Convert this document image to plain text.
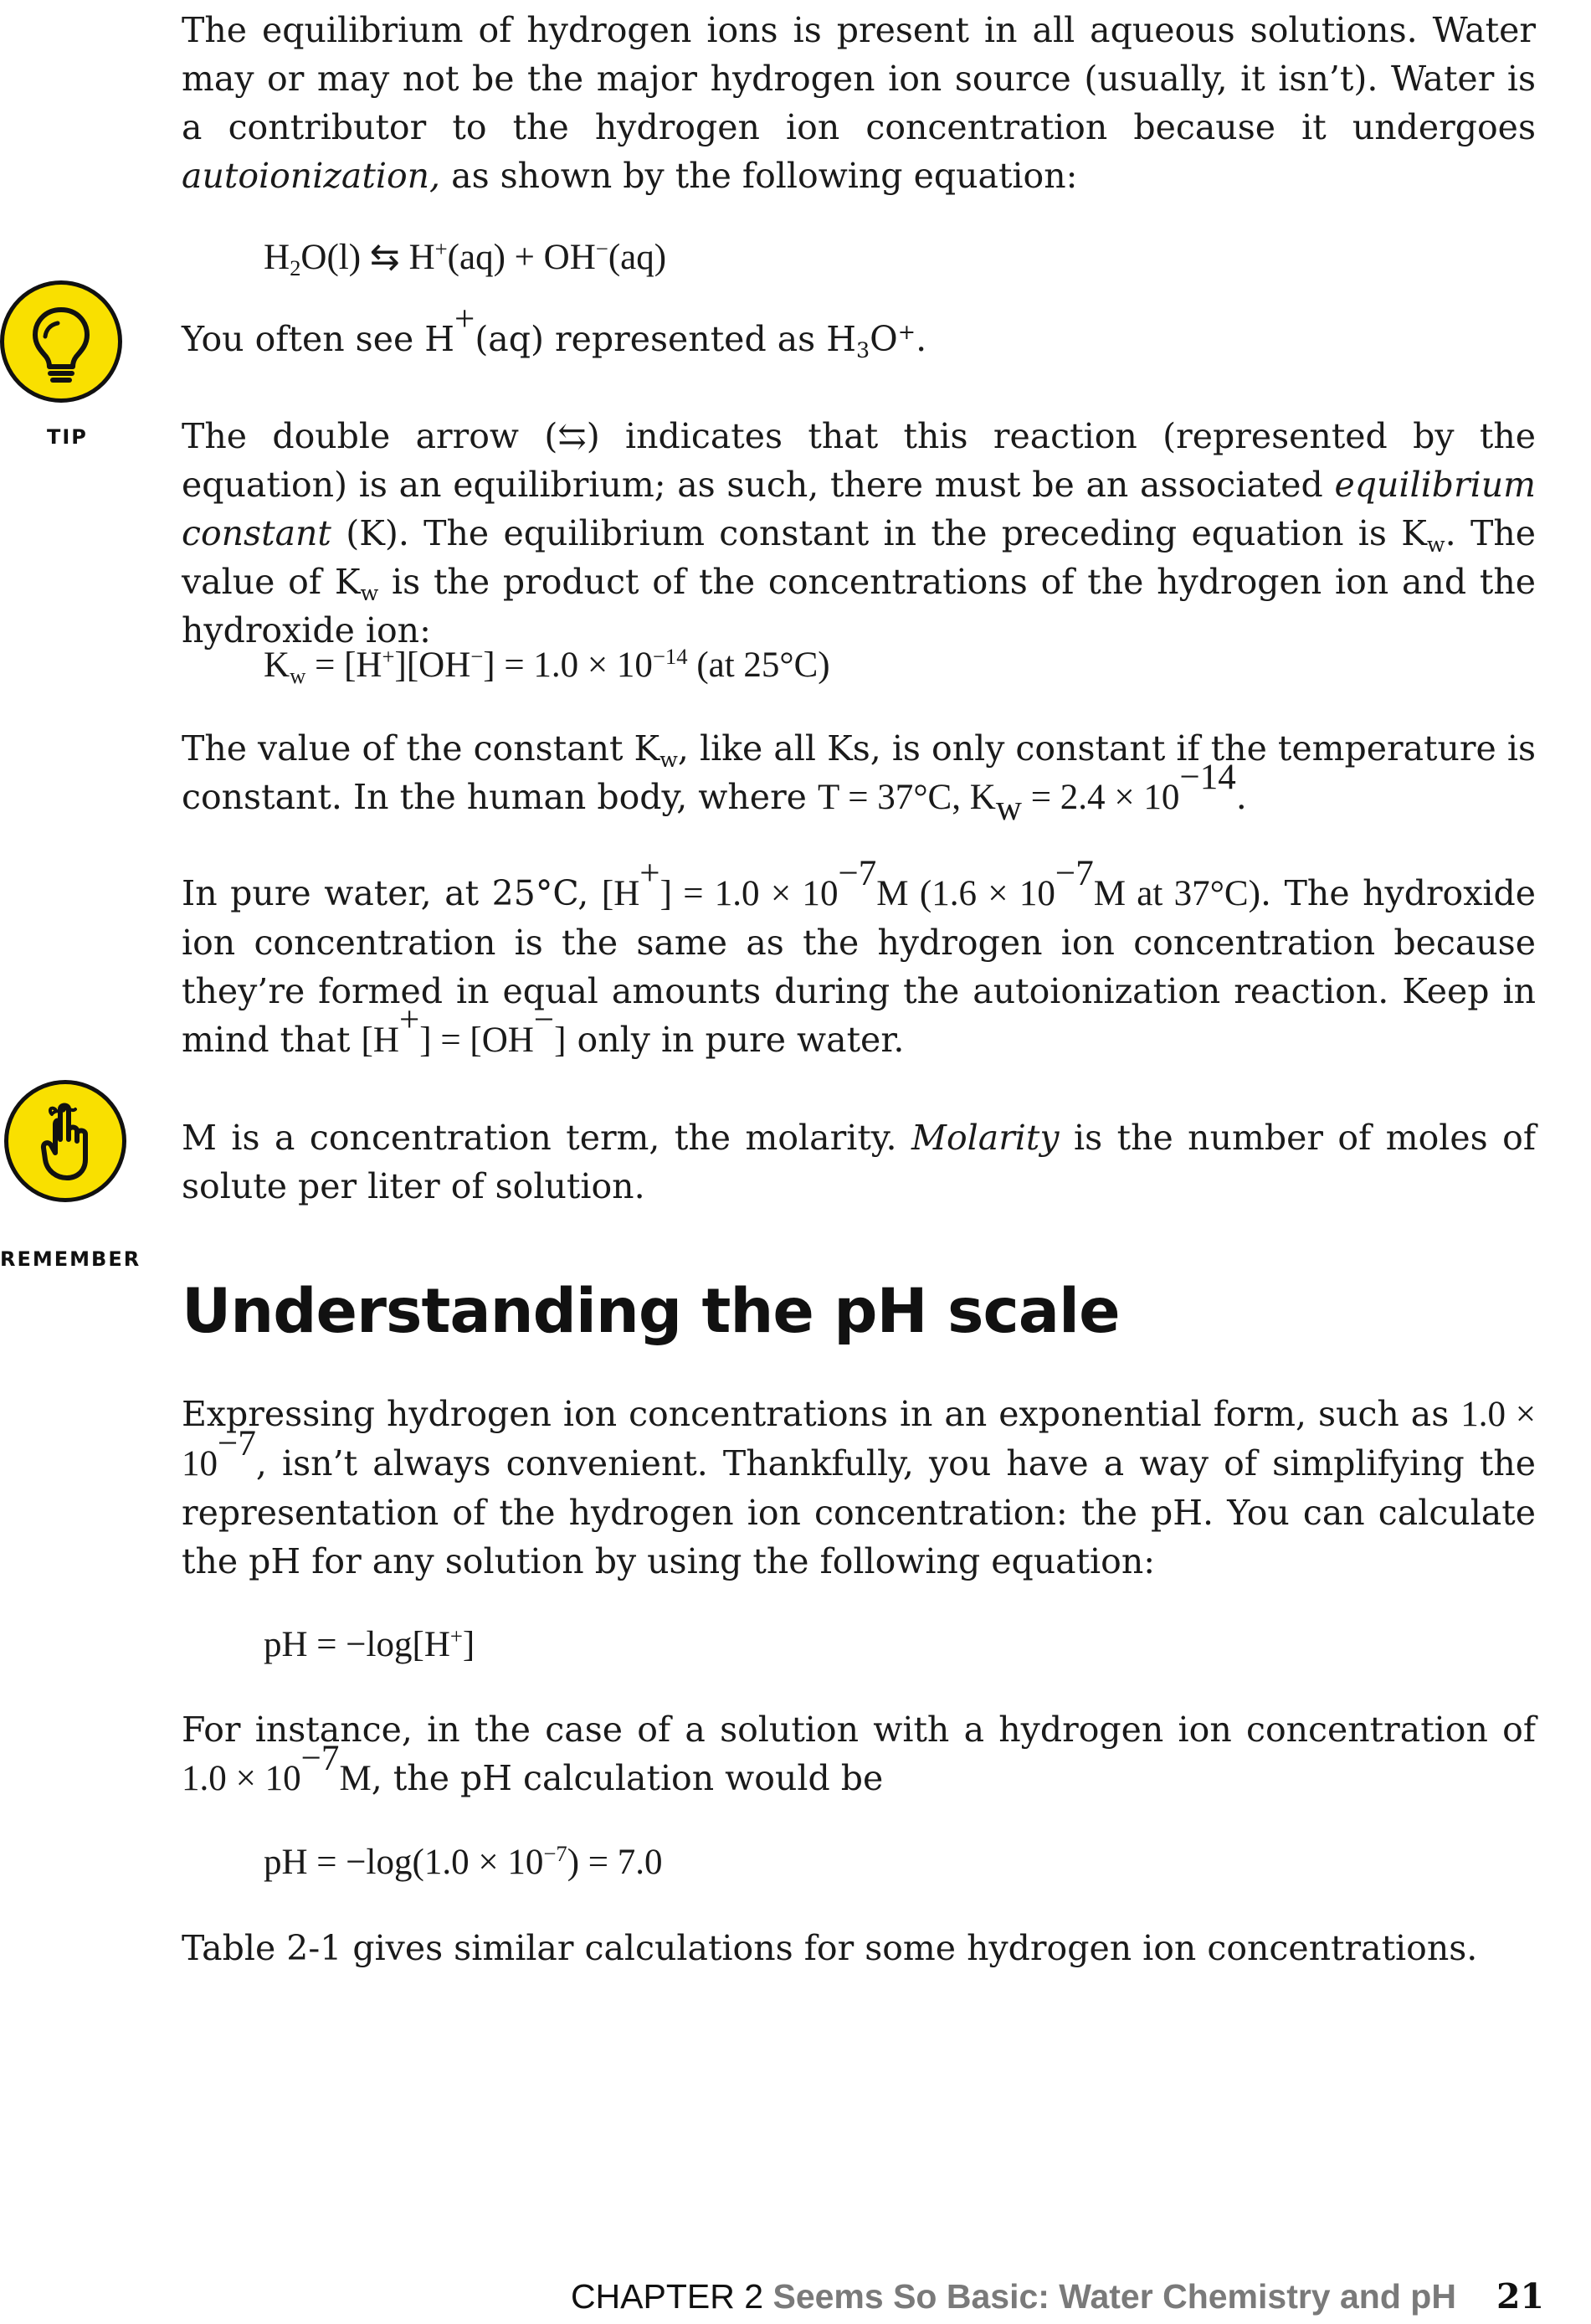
The equilibrium of hydrogen ions is present in all aqueous solutions. Water may or may not be the major hydrogen ion source (usually, it isn’t). Water is a contributor to the hydrogen ion concentration because it undergoes autoionization, as shown by the following equation:

$H_2O(l)$ ⇆ H+(aq) + OH−(aq)
TIP

You often see H+(aq) represented as $H_3O^+$.

The double arrow (⇆) indicates that this reaction (represented by the equation) is an equilibrium; as such, there must be an associated equilibrium constant (K). The equilibrium constant in the preceding equation is $K_w$. The value of $K_w$ is the product of the concentrations of the hydrogen ion and the hydroxide ion:

$K_w = [H^+][OH^-] = 1.0 \times 10^{-14}$ (at 25°C)

The value of the constant $K_w$, like all Ks, is only constant if the temperature is constant. In the human body, where T = 37°C, $K_w = 2.4 \times 10^{-14}$.

In pure water, at 25°C, $[H^+] = 1.0 \times 10^{-7}M$ ($1.6 \times 10^{-7}M$ at 37°C). The hydroxide ion concentration is the same as the hydrogen ion concentration because they’re formed in equal amounts during the autoionization reaction. Keep in mind that [H+] = [OH−] only in pure water.

REMEMBER

M is a concentration term, the molarity. Molarity is the number of moles of solute per liter of solution.

Understanding the pH scale

Expressing hydrogen ion concentrations in an exponential form, such as $1.0 \times 10^{-7}$, isn’t always convenient. Thankfully, you have a way of simplifying the representation of the hydrogen ion concentration: the pH. You can calculate the pH for any solution by using the following equation:

pH = −log[H+]

For instance, in the case of a solution with a hydrogen ion concentration of $1.0 \times 10^{-7}M$, the pH calculation would be

pH = $-\log(1.0 \times 10^{-7}) = 7.0$

Table 2-1 gives similar calculations for some hydrogen ion concentrations.

CHAPTER 2 Seems So Basic: Water Chemistry and pH 21
